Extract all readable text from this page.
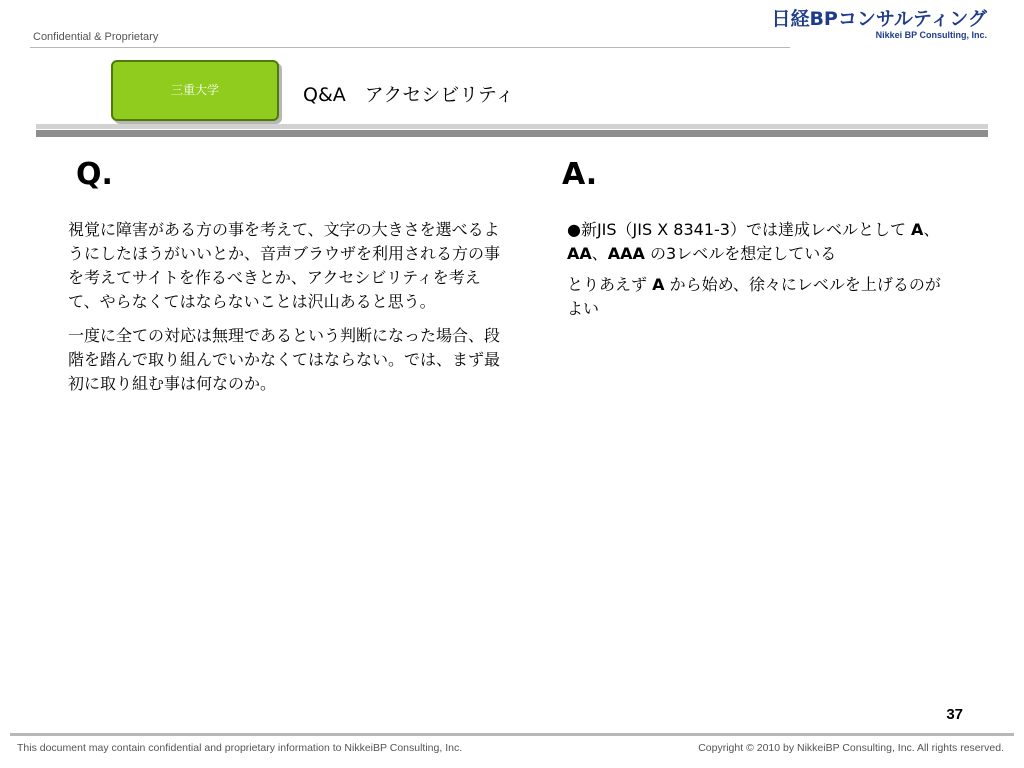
Confidential & Proprietary
日経BPコンサルティング
Nikkei BP Consulting, Inc.
三重大学	Q&A　アクセシビリティ
Q.	A.

視覚に障害がある方の事を考えて、文字の大きさを選べるようにしたほうがいいとか、音声ブラウザを利用される方の事を考えてサイトを作るべきとか、アクセシビリティを考えて、やらなくてはならないことは沢山あると思う。

一度に全ての対応は無理であるという判断になった場合、段階を踏んで取り組んでいかなくてはならない。では、まず最初に取り組む事は何なのか。

●新JIS（JIS X 8341-3）では達成レベルとして A、AA、AAA の3レベルを想定している

とりあえず A から始め、徐々にレベルを上げるのがよい

37
This document may contain confidential and proprietary information to NikkeiBP Consulting, Inc.	Copyright © 2010 by NikkeiBP Consulting, Inc. All rights reserved.
